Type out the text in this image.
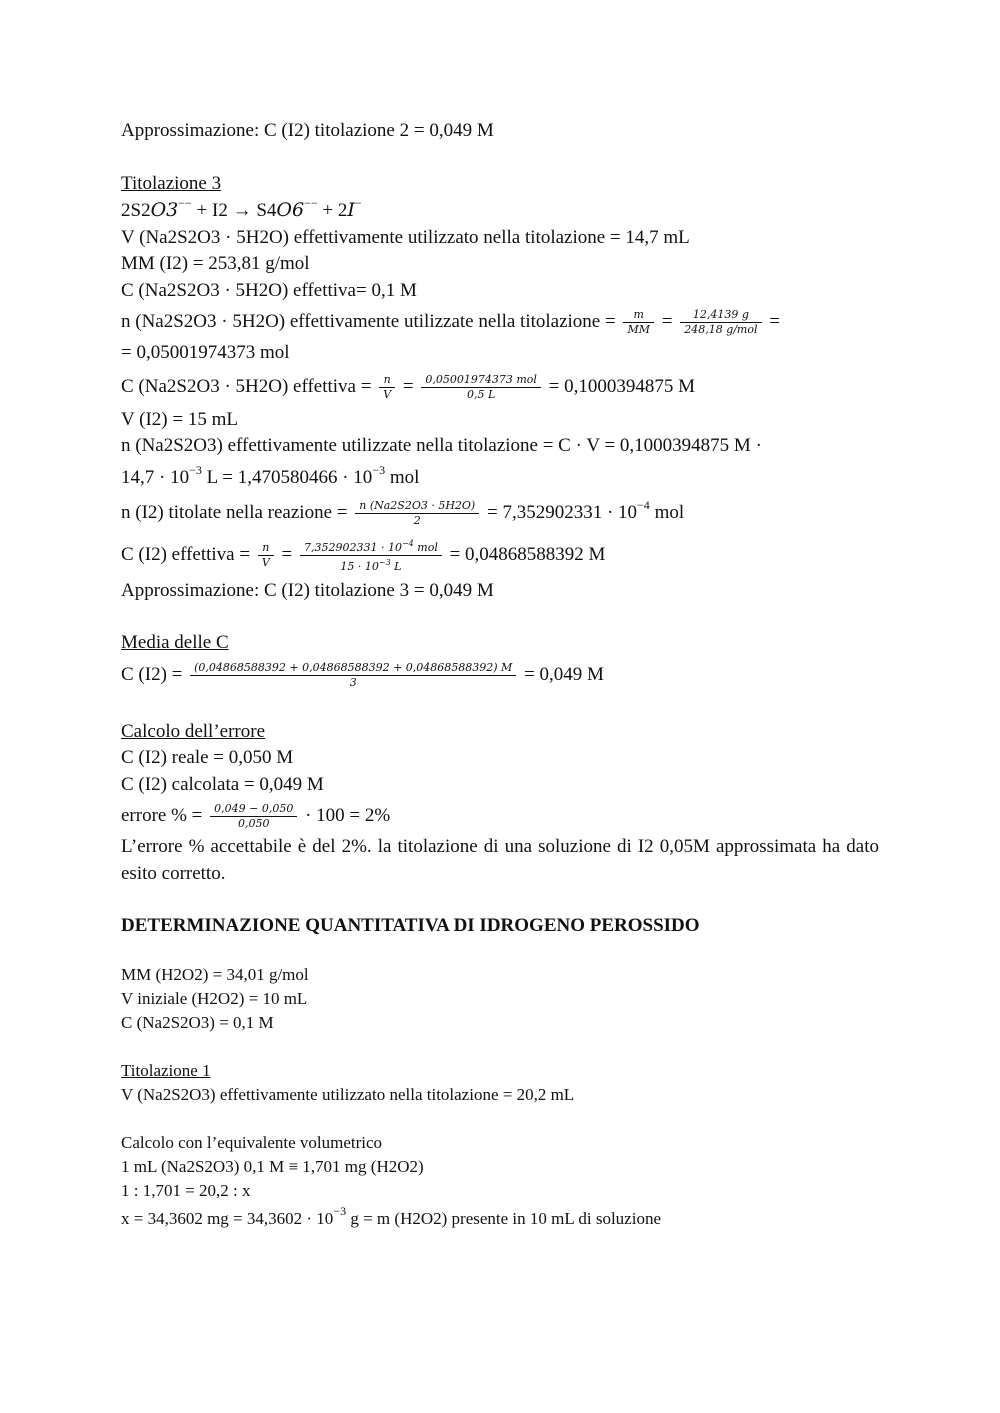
Approssimazione: C (I2) titolazione 2 = 0,049 M
Titolazione 3
2S2O3−− + I2 → S4O6−− + 2I−
V (Na2S2O3 · 5H2O) effettivamente utilizzato nella titolazione = 14,7 mL
MM (I2) = 253,81 g/mol
C (Na2S2O3 · 5H2O) effettiva= 0,1 M
n (Na2S2O3 · 5H2O) effettivamente utilizzate nella titolazione = $\frac{m}{MM} = \frac{12,4139 g}{\text{248,18 g/mol}}$ =
= 0,05001974373 mol
C (Na2S2O3 · 5H2O) effettiva = $\frac{n}{V} = \frac{\text{0,05001974373 mol}}{0,5 L} = 0,1000394875$ M
V (I2) = 15 mL
n (Na2S2O3) effettivamente utilizzate nella titolazione = C · V = 0,1000394875 M ·
$14,7 \cdot 10^{-3}$ $L = 1,470580466 \cdot 10^{-3}$ mol
n (I2) titolate nella reazione = $\frac{n (Na2S2O3 \cdot 5H2O)}{2} = 7,352902331 \cdot 10^{-4}$ mol
C (I2) effettiva = $\frac{n}{V} = \frac{7,352902331 \cdot 10^{-4} mol}{15 \cdot 10^{-3} L} = 0,04868588392$ M
Approssimazione: C (I2) titolazione 3 = 0,049 M
Media delle C
C $(I2) = \frac{(0,04868588392 + 0,04868588392 + 0,04868588392) M}{3} = 0,049$ M
Calcolo dell’errore
C (I2) reale = 0,050 M
C (I2) calcolata = 0,049 M
errore % = $\frac{0,049 - 0,050}{0,050} \cdot 100 = 2\%$
L’errore % accettabile è del 2%. la titolazione di una soluzione di I2 0,05M approssimata ha dato esito corretto.
DETERMINAZIONE QUANTITATIVA DI IDROGENO PEROSSIDO
MM (H2O2) = 34,01 g/mol
V iniziale (H2O2) = 10 mL
C (Na2S2O3) = 0,1 M
Titolazione 1
V (Na2S2O3) effettivamente utilizzato nella titolazione = 20,2 mL
Calcolo con l’equivalente volumetrico
1 mL (Na2S2O3) 0,1 M ≡ 1,701 mg (H2O2)
1 : 1,701 = 20,2 : x
x = 34,3602 mg = $34,3602 \cdot 10^{-3}$ g = m (H2O2) presente in 10 mL di soluzione
